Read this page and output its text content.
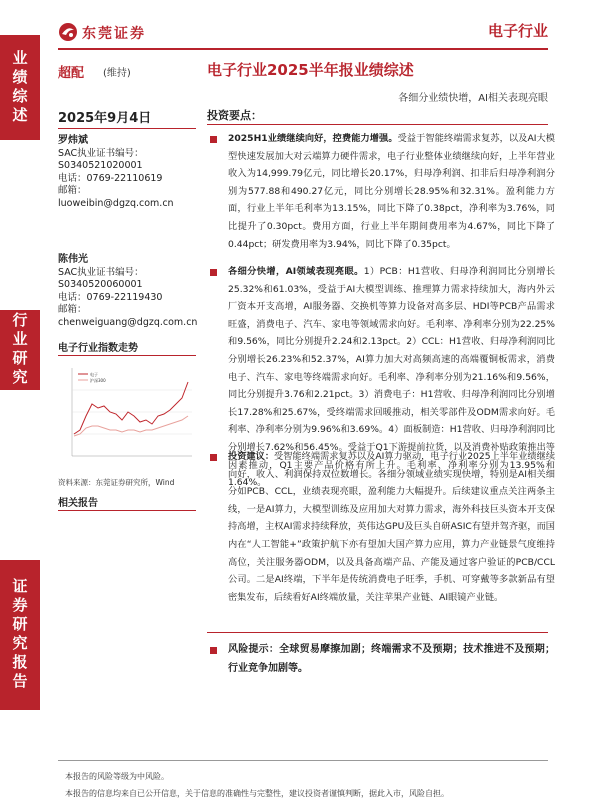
东莞证券	电子行业
业绩综述
行业研究
证券研究报告
超配 (维持)	电子行业2025半年报业绩综述
各细分业绩快增，AI相关表现亮眼
2025年9月4日
罗炜斌
SAC执业证书编号：
S0340521020001
电话：0769-22110619
邮箱：
luoweibin@dgzq.com.cn
陈伟光
SAC执业证书编号：
S0340520060001
电话：0769-22119430
邮箱：
chenweiguang@dgzq.com.cn
电子行业指数走势
电子
沪深300
资料来源：东莞证券研究所，Wind
相关报告
投资要点：
2025H1业绩继续向好，控费能力增强。受益于智能终端需求复苏，以及AI大模型快速发展加大对云端算力硬件需求，电子行业整体业绩继续向好，上半年营业收入为14,999.79亿元，同比增长20.17%，归母净利润、扣非后归母净利润分别为577.88和490.27亿元，同比分别增长28.95%和32.31%。盈利能力方面，行业上半年毛利率为13.15%，同比下降了0.38pct，净利率为3.76%，同比提升了0.30pct。费用方面，行业上半年期间费用率为4.67%，同比下降了0.44pct；研发费用率为3.94%，同比下降了0.35pct。
各细分快增，AI领域表现亮眼。1）PCB：H1营收、归母净利润同比分别增长25.32%和61.03%，受益于AI大模型训练、推理算力需求持续加大，海内外云厂资本开支高增，AI服务器、交换机等算力设备对高多层、HDI等PCB产品需求旺盛，消费电子、汽车、家电等领域需求向好。毛利率、净利率分别为22.25%和9.56%，同比分别提升2.24和2.13pct。2）CCL：H1营收、归母净利润同比分别增长26.23%和52.37%，AI算力加大对高频高速的高端覆铜板需求，消费电子、汽车、家电等终端需求向好。毛利率、净利率分别为21.16%和9.56%，同比分别提升3.76和2.21pct。3）消费电子：H1营收、归母净利润同比分别增长17.28%和25.67%，受终端需求回暖推动，相关零部件及ODM需求向好。毛利率、净利率分别为9.96%和3.69%。4）面板制造：H1营收、归母净利润同比分别增长7.62%和56.45%。受益于Q1下游提前拉货，以及消费补贴政策推出等因素推动，Q1主要产品价格有所上升。毛利率、净利率分别为13.95%和1.64%。
投资建议：受智能终端需求复苏以及AI算力驱动，电子行业2025上半年业绩继续向好，收入、利润保持双位数增长。各细分领域业绩实现快增，特别是AI相关细分如PCB、CCL，业绩表现亮眼，盈利能力大幅提升。后续建议重点关注两条主线，一是AI算力，大模型训练及应用加大对算力需求，海外科技巨头资本开支保持高增，主权AI需求持续释放，英伟达GPU及巨头自研ASIC有望并驾齐驱，而国内在“人工智能+”政策护航下亦有望加大国产算力应用，算力产业链景气度维持高位，关注服务器ODM，以及具备高端产品、产能及通过客户验证的PCB/CCL公司。二是AI终端，下半年是传统消费电子旺季，手机、可穿戴等多款新品有望密集发布，后续看好AI终端放量，关注苹果产业链、AI眼镜产业链。
风险提示：全球贸易摩擦加剧；终端需求不及预期；技术推进不及预期；行业竞争加剧等。
本报告的风险等级为中风险。
本报告的信息均来自已公开信息，关于信息的准确性与完整性，建议投资者谨慎判断，据此入市，风险自担。
